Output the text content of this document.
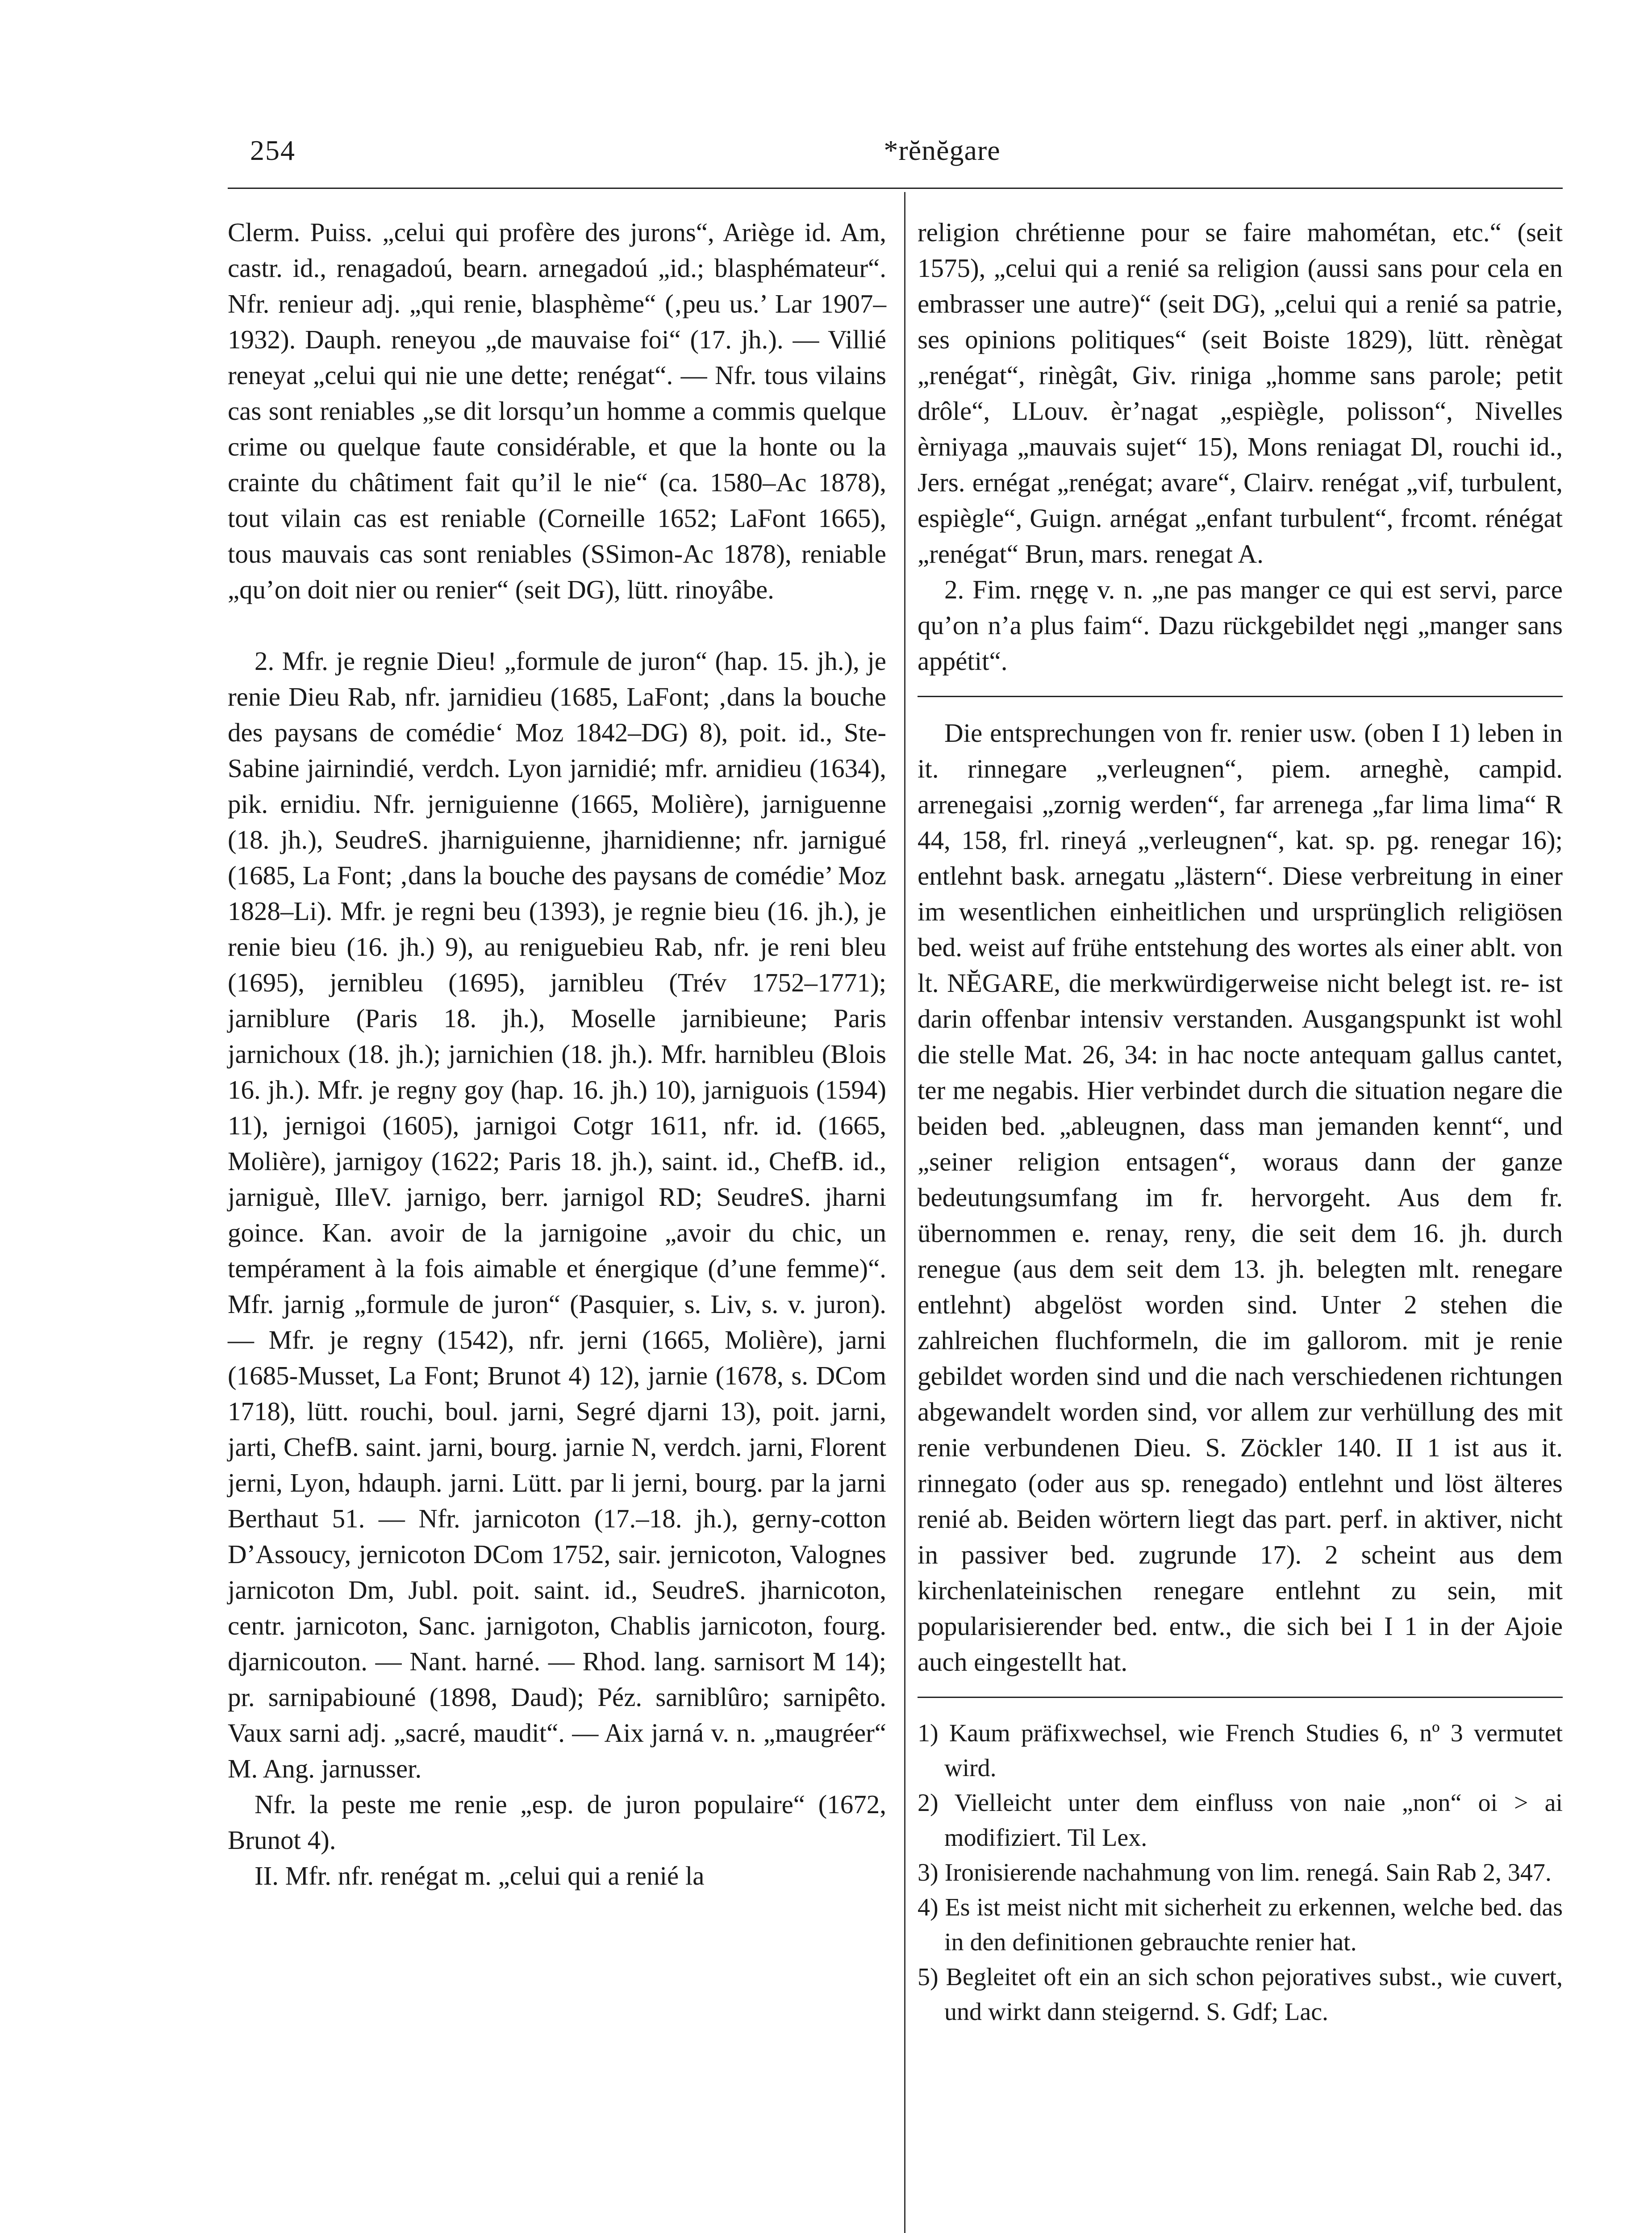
254	*rĕnĕgare

Clerm. Puiss. „celui qui profère des jurons“, Ariège id. Am, castr. id., renagadoú, bearn. arnegadoú „id.; blasphémateur“. Nfr. renieur adj. „qui renie, blasphème“ (‚peu us.’ Lar 1907–1932). Dauph. reneyou „de mauvaise foi“ (17. jh.). — Villié reneyat „celui qui nie une dette; renégat“. — Nfr. tous vilains cas sont reniables „se dit lorsqu’un homme a commis quelque crime ou quelque faute considérable, et que la honte ou la crainte du châtiment fait qu’il le nie“ (ca. 1580–Ac 1878), tout vilain cas est reniable (Corneille 1652; LaFont 1665), tous mauvais cas sont reniables (SSimon-Ac 1878), reniable „qu’on doit nier ou renier“ (seit DG), lütt. rinoyâbe.

2. Mfr. je regnie Dieu! „formule de juron“ (hap. 15. jh.), je renie Dieu Rab, nfr. jarnidieu (1685, LaFont; ‚dans la bouche des paysans de comédie‘ Moz 1842–DG) 8), poit. id., Ste-Sabine jairnindié, verdch. Lyon jarnidié; mfr. arnidieu (1634), pik. ernidiu. Nfr. jerniguienne (1665, Molière), jarniguenne (18. jh.), SeudreS. jharniguienne, jharnidienne; nfr. jarnigué (1685, La Font; ‚dans la bouche des paysans de comédie’ Moz 1828–Li). Mfr. je regni beu (1393), je regnie bieu (16. jh.), je renie bieu (16. jh.) 9), au reniguebieu Rab, nfr. je reni bleu (1695), jernibleu (1695), jarnibleu (Trév 1752–1771); jarniblure (Paris 18. jh.), Moselle jarnibieune; Paris jarnichoux (18. jh.); jarnichien (18. jh.). Mfr. harnibleu (Blois 16. jh.). Mfr. je regny goy (hap. 16. jh.) 10), jarniguois (1594) 11), jernigoi (1605), jarnigoi Cotgr 1611, nfr. id. (1665, Molière), jarnigoy (1622; Paris 18. jh.), saint. id., ChefB. id., jarniguè, IlleV. jarnigo, berr. jarnigol RD; SeudreS. jharni goince. Kan. avoir de la jarnigoine „avoir du chic, un tempérament à la fois aimable et énergique (d’une femme)“. Mfr. jarnig „formule de juron“ (Pasquier, s. Liv, s. v. juron). — Mfr. je regny (1542), nfr. jerni (1665, Molière), jarni (1685-Musset, La Font; Brunot 4) 12), jarnie (1678, s. DCom 1718), lütt. rouchi, boul. jarni, Segré djarni 13), poit. jarni, jarti, ChefB. saint. jarni, bourg. jarnie N, verdch. jarni, Florent jerni, Lyon, hdauph. jarni. Lütt. par li jerni, bourg. par la jarni Berthaut 51. — Nfr. jarnicoton (17.–18. jh.), gerny-cotton D’Assoucy, jernicoton DCom 1752, sair. jernicoton, Valognes jarnicoton Dm, Jubl. poit. saint. id., SeudreS. jharnicoton, centr. jarnicoton, Sanc. jarnigoton, Chablis jarnicoton, fourg. djarnicouton. — Nant. harné. — Rhod. lang. sarnisort M 14); pr. sarnipabiouné (1898, Daud); Péz. sarniblûro; sarnipêto. Vaux sarni adj. „sacré, maudit“. — Aix jarná v. n. „maugréer“ M. Ang. jarnusser.

Nfr. la peste me renie „esp. de juron populaire“ (1672, Brunot 4).

II. Mfr. nfr. renégat m. „celui qui a renié la

religion chrétienne pour se faire mahométan, etc.“ (seit 1575), „celui qui a renié sa religion (aussi sans pour cela en embrasser une autre)“ (seit DG), „celui qui a renié sa patrie, ses opinions politiques“ (seit Boiste 1829), lütt. rènègat „renégat“, rinègât, Giv. riniga „homme sans parole; petit drôle“, LLouv. èr’nagat „espiègle, polisson“, Nivelles èrniyaga „mauvais sujet“ 15), Mons reniagat Dl, rouchi id., Jers. ernégat „renégat; avare“, Clairv. renégat „vif, turbulent, espiègle“, Guign. arnégat „enfant turbulent“, frcomt. rénégat „renégat“ Brun, mars. renegat A.

2. Fim. rnęgę v. n. „ne pas manger ce qui est servi, parce qu’on n’a plus faim“. Dazu rückgebildet nęgi „manger sans appétit“.

Die entsprechungen von fr. renier usw. (oben I 1) leben in it. rinnegare „verleugnen“, piem. arneghè, campid. arrenegaisi „zornig werden“, far arrenega „far lima lima“ R 44, 158, frl. rineyá „verleugnen“, kat. sp. pg. renegar 16); entlehnt bask. arnegatu „lästern“. Diese verbreitung in einer im wesentlichen einheitlichen und ursprünglich religiösen bed. weist auf frühe entstehung des wortes als einer ablt. von lt. NĔGARE, die merkwürdigerweise nicht belegt ist. re- ist darin offenbar intensiv verstanden. Ausgangspunkt ist wohl die stelle Mat. 26, 34: in hac nocte antequam gallus cantet, ter me negabis. Hier verbindet durch die situation negare die beiden bed. „ableugnen, dass man jemanden kennt“, und „seiner religion entsagen“, woraus dann der ganze bedeutungsumfang im fr. hervorgeht. Aus dem fr. übernommen e. renay, reny, die seit dem 16. jh. durch renegue (aus dem seit dem 13. jh. belegten mlt. renegare entlehnt) abgelöst worden sind. Unter 2 stehen die zahlreichen fluchformeln, die im gallorom. mit je renie gebildet worden sind und die nach verschiedenen richtungen abgewandelt worden sind, vor allem zur verhüllung des mit renie verbundenen Dieu. S. Zöckler 140. II 1 ist aus it. rinnegato (oder aus sp. renegado) entlehnt und löst älteres renié ab. Beiden wörtern liegt das part. perf. in aktiver, nicht in passiver bed. zugrunde 17). 2 scheint aus dem kirchenlateinischen renegare entlehnt zu sein, mit popularisierender bed. entw., die sich bei I 1 in der Ajoie auch eingestellt hat.

1) Kaum präfixwechsel, wie French Studies 6, nº 3 vermutet wird.

2) Vielleicht unter dem einfluss von naie „non“ oi > ai modifiziert. Til Lex.

3) Ironisierende nachahmung von lim. renegá. Sain Rab 2, 347.

4) Es ist meist nicht mit sicherheit zu erkennen, welche bed. das in den definitionen gebrauchte renier hat.

5) Begleitet oft ein an sich schon pejoratives subst., wie cuvert, und wirkt dann steigernd. S. Gdf; Lac.
